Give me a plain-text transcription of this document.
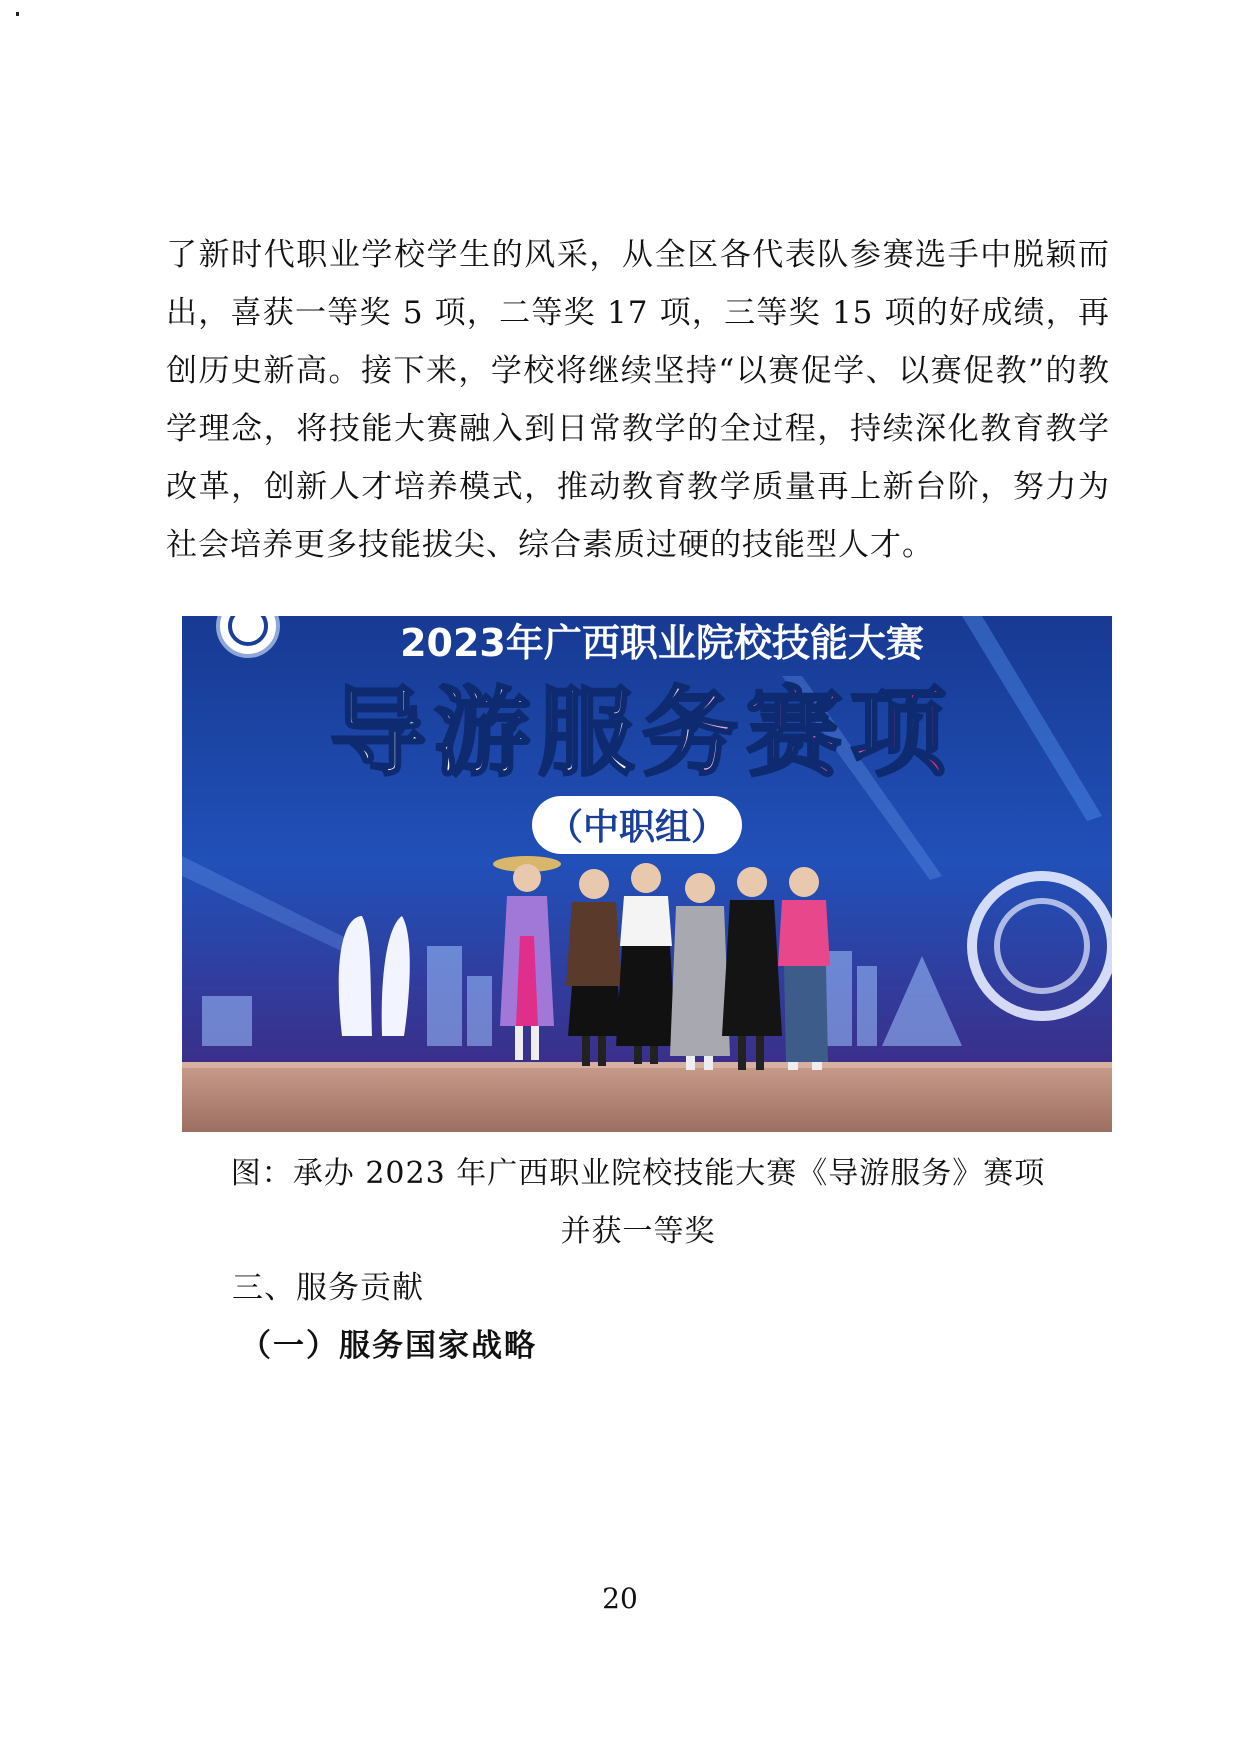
了新时代职业学校学生的风采，从全区各代表队参赛选手中脱颖而出，喜获一等奖 5 项，二等奖 17 项，三等奖 15 项的好成绩，再创历史新高。接下来，学校将继续坚持“以赛促学、以赛促教”的教学理念，将技能大赛融入到日常教学的全过程，持续深化教育教学改革，创新人才培养模式，推动教育教学质量再上新台阶，努力为社会培养更多技能拔尖、综合素质过硬的技能型人才。

2023年广西职业院校技能大赛
导游服务赛项
（中职组）

图：承办 2023 年广西职业院校技能大赛《导游服务》赛项

并获一等奖

三、服务贡献
（一）服务国家战略
20
